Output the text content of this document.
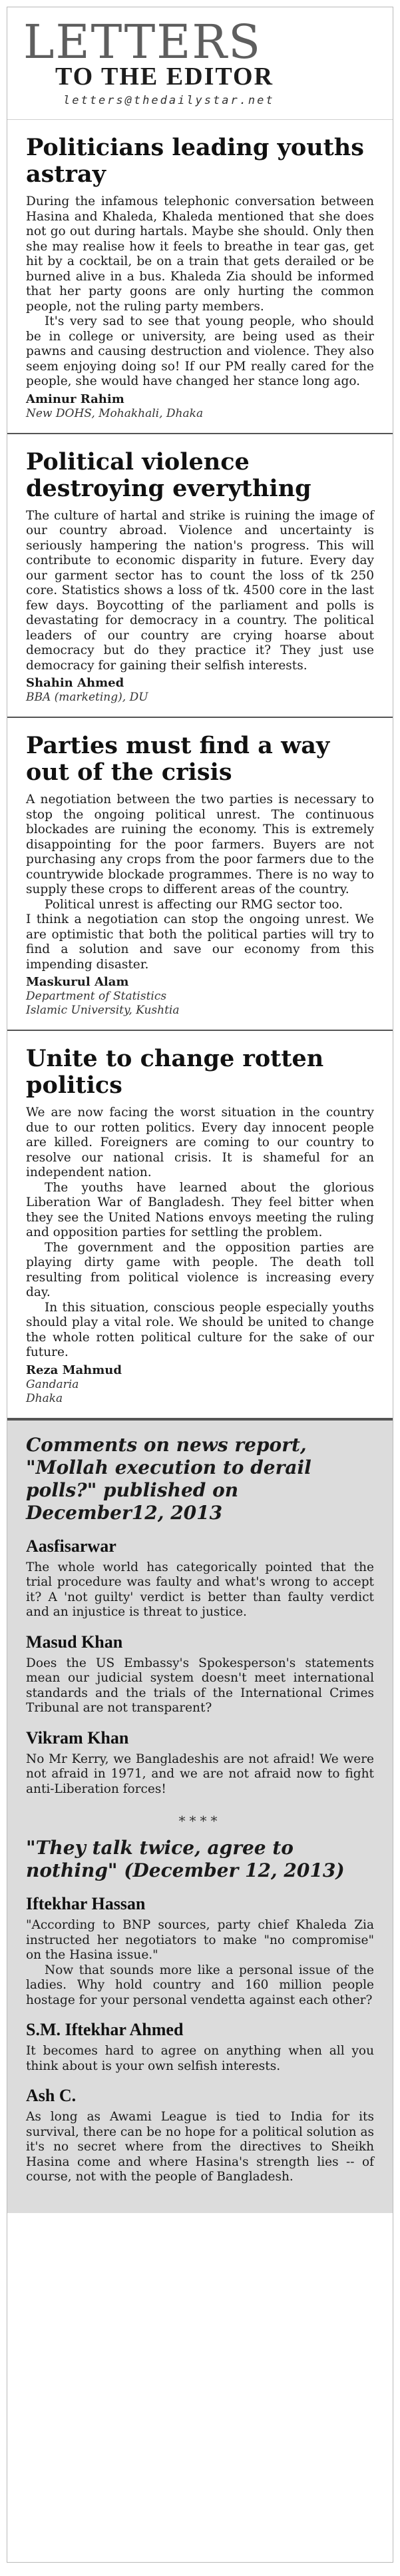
LETTERS
TO THE EDITOR
letters@thedailystar.net
Politicians leading youths astray

During the infamous telephonic conversation between Hasina and Khaleda, Khaleda mentioned that she does not go out during hartals. Maybe she should. Only then she may realise how it feels to breathe in tear gas, get hit by a cocktail, be on a train that gets derailed or be burned alive in a bus. Khaleda Zia should be informed that her party goons are only hurting the common people, not the ruling party members.

It's very sad to see that young people, who should be in college or university, are being used as their pawns and causing destruction and violence. They also seem enjoying doing so! If our PM really cared for the people, she would have changed her stance long ago.

Aminur Rahim
New DOHS, Mohakhali, Dhaka
Political violence destroying everything

The culture of hartal and strike is ruining the image of our country abroad. Violence and uncertainty is seriously hampering the nation's progress. This will contribute to economic disparity in future. Every day our garment sector has to count the loss of tk 250 core. Statistics shows a loss of tk. 4500 core in the last few days. Boycotting of the parliament and polls is devastating for democracy in a country. The political leaders of our country are crying hoarse about democracy but do they practice it? They just use democracy for gaining their selfish interests.

Shahin Ahmed
BBA (marketing), DU
Parties must find a way out of the crisis

A negotiation between the two parties is necessary to stop the ongoing political unrest. The continuous blockades are ruining the economy. This is extremely disappointing for the poor farmers. Buyers are not purchasing any crops from the poor farmers due to the countrywide blockade programmes. There is no way to supply these crops to different areas of the country.

Political unrest is affecting our RMG sector too.

I think a negotiation can stop the ongoing unrest. We are optimistic that both the political parties will try to find a solution and save our economy from this impending disaster.

Maskurul Alam
Department of Statistics
Islamic University, Kushtia
Unite to change rotten politics

We are now facing the worst situation in the country due to our rotten politics. Every day innocent people are killed. Foreigners are coming to our country to resolve our national crisis. It is shameful for an independent nation.

The youths have learned about the glorious Liberation War of Bangladesh. They feel bitter when they see the United Nations envoys meeting the ruling and opposition parties for settling the problem.

The government and the opposition parties are playing dirty game with people. The death toll resulting from political violence is increasing every day.

In this situation, conscious people especially youths should play a vital role. We should be united to change the whole rotten political culture for the sake of our future.

Reza Mahmud
Gandaria
Dhaka
Comments on news report, "Mollah execution to derail polls?" published on December12, 2013
Aasfisarwar

The whole world has categorically pointed that the trial procedure was faulty and what's wrong to accept it? A 'not guilty' verdict is better than faulty verdict and an injustice is threat to justice.

Masud Khan

Does the US Embassy's Spokesperson's statements mean our judicial system doesn't meet international standards and the trials of the International Crimes Tribunal are not transparent?

Vikram Khan

No Mr Kerry, we Bangladeshis are not afraid! We were not afraid in 1971, and we are not afraid now to fight anti-Liberation forces!

****
"They talk twice, agree to nothing" (December 12, 2013)
Iftekhar Hassan

"According to BNP sources, party chief Khaleda Zia instructed her negotiators to make "no compromise" on the Hasina issue."

Now that sounds more like a personal issue of the ladies. Why hold country and 160 million people hostage for your personal vendetta against each other?

S.M. Iftekhar Ahmed

It becomes hard to agree on anything when all you think about is your own selfish interests.

Ash C.

As long as Awami League is tied to India for its survival, there can be no hope for a political solution as it's no secret where from the directives to Sheikh Hasina come and where Hasina's strength lies -- of course, not with the people of Bangladesh.
